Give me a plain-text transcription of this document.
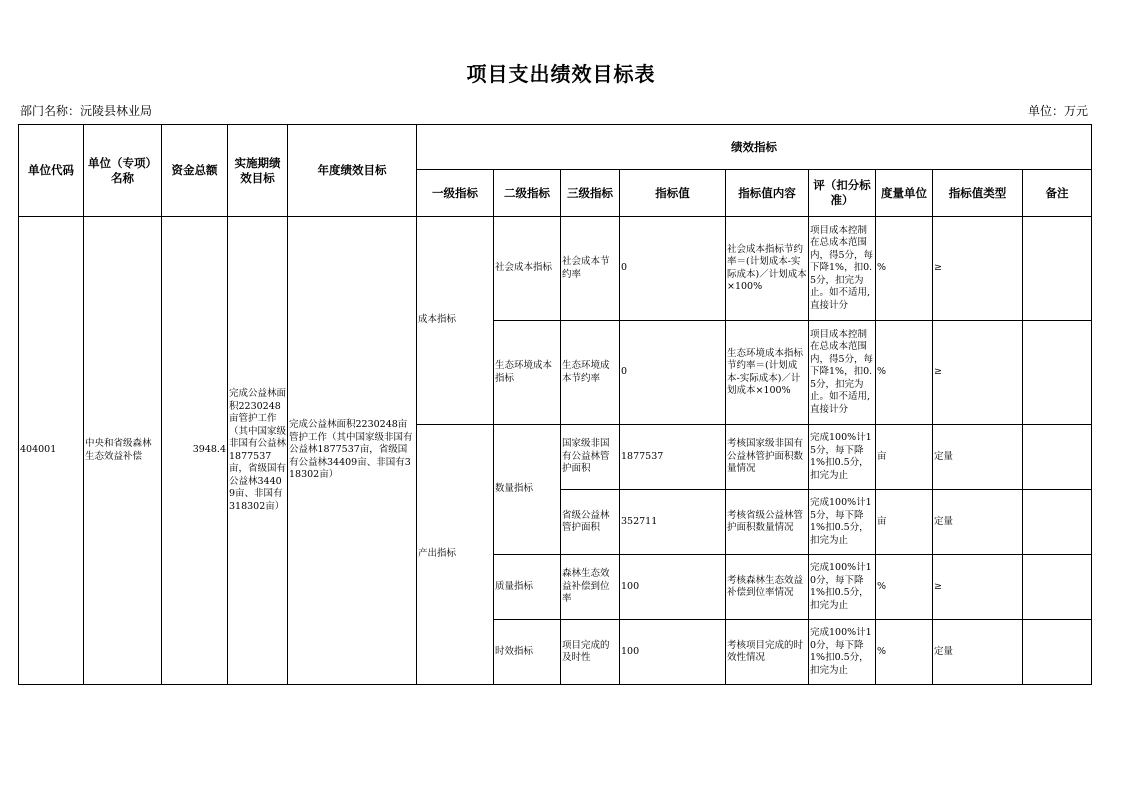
项目支出绩效目标表
部门名称：沅陵县林业局	单位：万元
单位代码	单位（专项）名称	资金总额	实施期绩效目标	年度绩效目标	绩效指标								
					一级指标	二级指标	三级指标	指标值	指标值内容	评（扣分标准）	度量单位	指标值类型	备注
404001	中央和省级森林生态效益补偿	3948.4	完成公益林面积2230248亩管护工作（其中国家级非国有公益林1877537亩，省级国有公益林34409亩、非国有318302亩）	完成公益林面积2230248亩管护工作（其中国家级非国有公益林1877537亩，省级国有公益林34409亩、非国有318302亩）	成本指标	社会成本指标	社会成本节约率	0	社会成本指标节约率＝(计划成本-实际成本)／计划成本×100%	项目成本控制在总成本范围内，得5分，每下降1%，扣0.5分，扣完为止。如不适用,直接计分	%	≥	
						生态环境成本指标	生态环境成本节约率	0	生态环境成本指标节约率＝(计划成本-实际成本)／计划成本×100%	项目成本控制在总成本范围内，得5分，每下降1%，扣0.5分，扣完为止。如不适用,直接计分	%	≥	
					产出指标	数量指标	国家级非国有公益林管护面积	1877537	考核国家级非国有公益林管护面积数量情况	完成100%计15分，每下降1%扣0.5分，扣完为止	亩	定量	
							省级公益林管护面积	352711	考核省级公益林管护面积数量情况	完成100%计15分，每下降1%扣0.5分，扣完为止	亩	定量	
						质量指标	森林生态效益补偿到位率	100	考核森林生态效益补偿到位率情况	完成100%计10分，每下降1%扣0.5分，扣完为止	%	≥	
						时效指标	项目完成的及时性	100	考核项目完成的时效性情况	完成100%计10分，每下降1%扣0.5分，扣完为止	%	定量	
